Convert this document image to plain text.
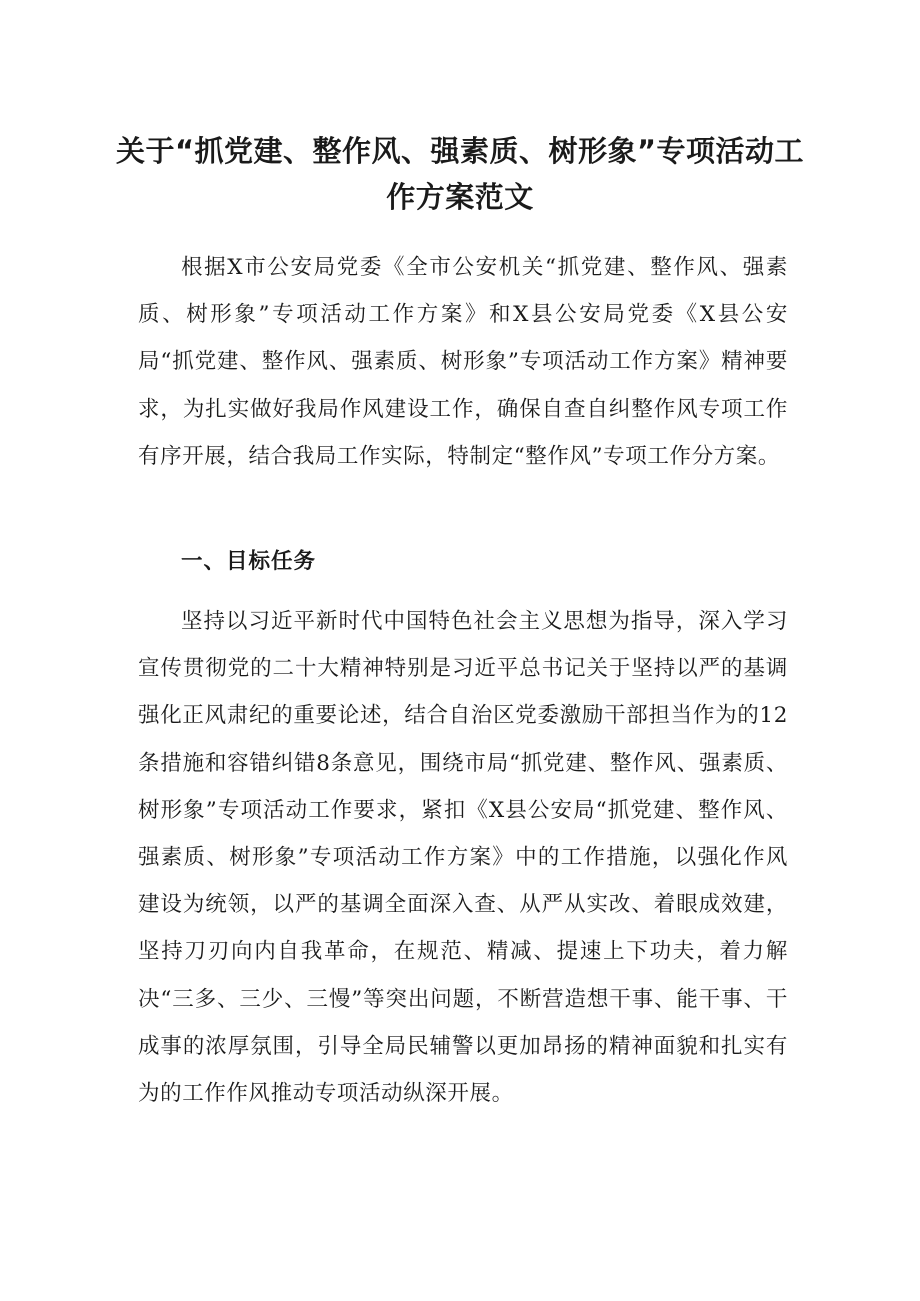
关于“抓党建、整作风、强素质、树形象”专项活动工作方案范文

根据X市公安局党委《全市公安机关“抓党建、整作风、强素质、树形象”专项活动工作方案》和X县公安局党委《X县公安局“抓党建、整作风、强素质、树形象”专项活动工作方案》精神要求，为扎实做好我局作风建设工作，确保自查自纠整作风专项工作有序开展，结合我局工作实际，特制定“整作风”专项工作分方案。

一、目标任务

坚持以习近平新时代中国特色社会主义思想为指导，深入学习宣传贯彻党的二十大精神特别是习近平总书记关于坚持以严的基调强化正风肃纪的重要论述，结合自治区党委激励干部担当作为的12条措施和容错纠错8条意见，围绕市局“抓党建、整作风、强素质、树形象”专项活动工作要求，紧扣《X县公安局“抓党建、整作风、强素质、树形象”专项活动工作方案》中的工作措施，以强化作风建设为统领，以严的基调全面深入查、从严从实改、着眼成效建，坚持刀刃向内自我革命，在规范、精减、提速上下功夫，着力解决“三多、三少、三慢”等突出问题，不断营造想干事、能干事、干成事的浓厚氛围，引导全局民辅警以更加昂扬的精神面貌和扎实有为的工作作风推动专项活动纵深开展。
